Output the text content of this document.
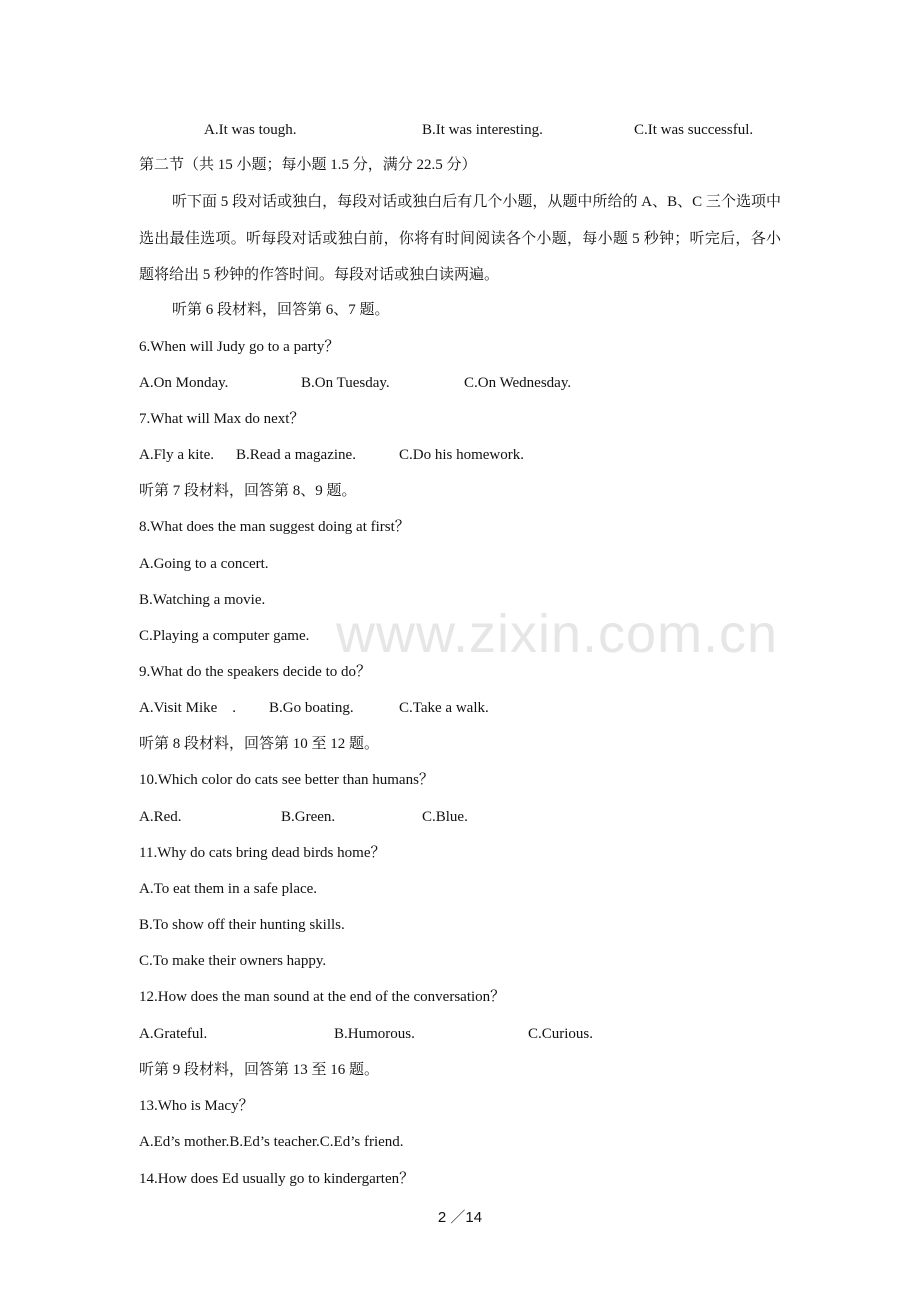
A.It was tough.	B.It was interesting.	C.It was successful.
第二节（共 15 小题；每小题 1.5 分，满分 22.5 分）
听下面 5 段对话或独白，每段对话或独白后有几个小题，从题中所给的 A、B、C 三个选项中选出最佳选项。听每段对话或独白前，你将有时间阅读各个小题，每小题 5 秒钟；听完后，各小题将给出 5 秒钟的作答时间。每段对话或独白读两遍。
听第 6 段材料，回答第 6、7 题。
6.When will Judy go to a party？
A.On Monday.	B.On Tuesday.	C.On Wednesday.
7.What will Max do next？
A.Fly a kite. B.Read a magazine.	C.Do his homework.
听第 7 段材料，回答第 8、9 题。
8.What does the man suggest doing at first？
A.Going to a concert.
B.Watching a movie.
C.Playing a computer game.
9.What do the speakers decide to do？
A.Visit Mike　. B.Go boating.	C.Take a walk.
听第 8 段材料，回答第 10 至 12 题。
10.Which color do cats see better than humans？
A.Red.	B.Green.	C.Blue.
11.Why do cats bring dead birds home？
A.To eat them in a safe place.
B.To show off their hunting skills.
C.To make their owners happy.
12.How does the man sound at the end of the conversation？
A.Grateful.	B.Humorous.	C.Curious.
听第 9 段材料，回答第 13 至 16 题。
13.Who is Macy？
A.Ed’s mother.B.Ed’s teacher.C.Ed’s friend.
14.How does Ed usually go to kindergarten？
www.zixin.com.cn
2 ／14
